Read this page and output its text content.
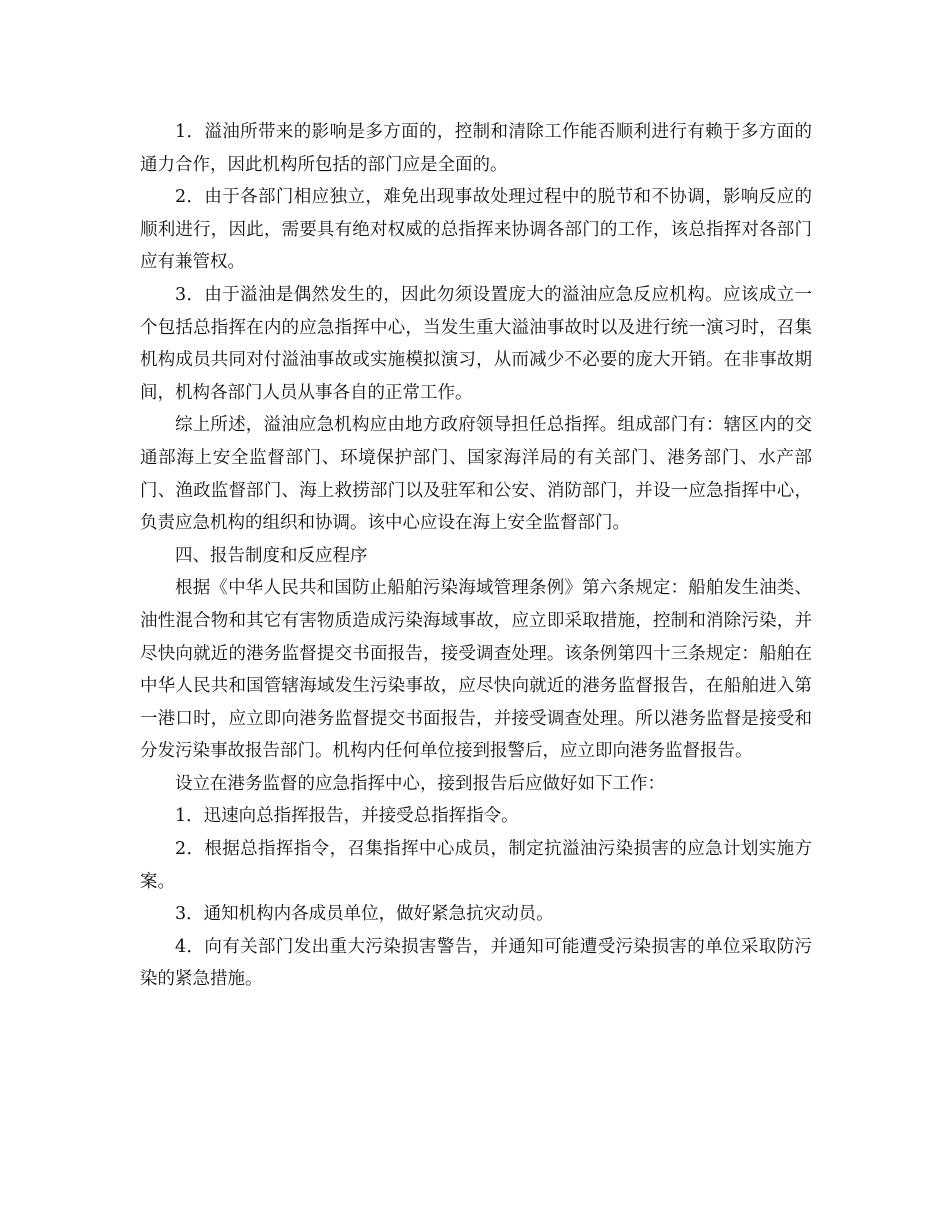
1．溢油所带来的影响是多方面的，控制和清除工作能否顺利进行有赖于多方面的通力合作，因此机构所包括的部门应是全面的。

2．由于各部门相应独立，难免出现事故处理过程中的脱节和不协调，影响反应的顺利进行，因此，需要具有绝对权威的总指挥来协调各部门的工作，该总指挥对各部门应有兼管权。

3．由于溢油是偶然发生的，因此勿须设置庞大的溢油应急反应机构。应该成立一个包括总指挥在内的应急指挥中心，当发生重大溢油事故时以及进行统一演习时，召集机构成员共同对付溢油事故或实施模拟演习，从而减少不必要的庞大开销。在非事故期间，机构各部门人员从事各自的正常工作。

综上所述，溢油应急机构应由地方政府领导担任总指挥。组成部门有：辖区内的交通部海上安全监督部门、环境保护部门、国家海洋局的有关部门、港务部门、水产部门、渔政监督部门、海上救捞部门以及驻军和公安、消防部门，并设一应急指挥中心，负责应急机构的组织和协调。该中心应设在海上安全监督部门。

四、报告制度和反应程序

根据《中华人民共和国防止船舶污染海域管理条例》第六条规定：船舶发生油类、油性混合物和其它有害物质造成污染海域事故，应立即采取措施，控制和消除污染，并尽快向就近的港务监督提交书面报告，接受调查处理。该条例第四十三条规定：船舶在中华人民共和国管辖海域发生污染事故，应尽快向就近的港务监督报告，在船舶进入第一港口时，应立即向港务监督提交书面报告，并接受调查处理。所以港务监督是接受和分发污染事故报告部门。机构内任何单位接到报警后，应立即向港务监督报告。

设立在港务监督的应急指挥中心，接到报告后应做好如下工作：

1．迅速向总指挥报告，并接受总指挥指令。

2．根据总指挥指令，召集指挥中心成员，制定抗溢油污染损害的应急计划实施方案。

3．通知机构内各成员单位，做好紧急抗灾动员。

4．向有关部门发出重大污染损害警告，并通知可能遭受污染损害的单位采取防污染的紧急措施。
